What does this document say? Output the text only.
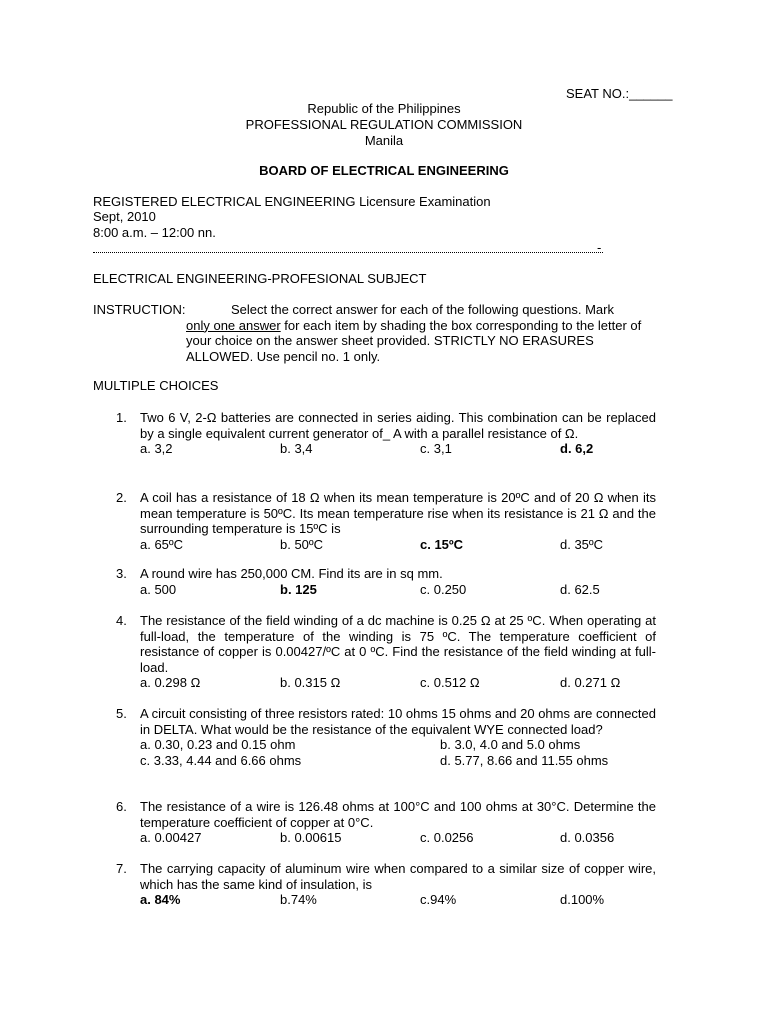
SEAT NO.:______
Republic of the Philippines
PROFESSIONAL REGULATION COMMISSION
Manila
BOARD OF ELECTRICAL ENGINEERING
REGISTERED ELECTRICAL ENGINEERING Licensure Examination
Sept, 2010
8:00 a.m. – 12:00 nn.
-
ELECTRICAL ENGINEERING-PROFESIONAL SUBJECT
INSTRUCTION:	Select the correct answer for each of the following questions. Mark
only one answer for each item by shading the box corresponding to the letter of your choice on the answer sheet provided. STRICTLY NO ERASURES ALLOWED. Use pencil no. 1 only.
MULTIPLE CHOICES
1. Two 6 V, 2-Ω batteries are connected in series aiding. This combination can be replaced by a single equivalent current generator of_ A with a parallel resistance of Ω.
a. 3,2	b. 3,4	c. 3,1	d. 6,2
2. A coil has a resistance of 18 Ω when its mean temperature is 20ºC and of 20 Ω when its mean temperature is 50ºC. Its mean temperature rise when its resistance is 21 Ω and the surrounding temperature is 15ºC is
a. 65ºC	b. 50ºC	c. 15ºC	d. 35ºC
3. A round wire has 250,000 CM. Find its are in sq mm.
a. 500	b. 125	c. 0.250	d. 62.5
4. The resistance of the field winding of a dc machine is 0.25 Ω at 25 ºC. When operating at full-load, the temperature of the winding is 75 ºC. The temperature coefficient of resistance of copper is 0.00427/ºC at 0 ºC. Find the resistance of the field winding at full-load.
a. 0.298 Ω	b. 0.315 Ω	c. 0.512 Ω	d. 0.271 Ω
5. A circuit consisting of three resistors rated: 10 ohms 15 ohms and 20 ohms are connected in DELTA. What would be the resistance of the equivalent WYE connected load?
a. 0.30, 0.23 and 0.15 ohm	b. 3.0, 4.0 and 5.0 ohms
c. 3.33, 4.44 and 6.66 ohms	d. 5.77, 8.66 and 11.55 ohms
6. The resistance of a wire is 126.48 ohms at 100°C and 100 ohms at 30°C. Determine the temperature coefficient of copper at 0°C.
a. 0.00427	b. 0.00615	c. 0.0256	d. 0.0356
7. The carrying capacity of aluminum wire when compared to a similar size of copper wire, which has the same kind of insulation, is
a. 84%	b.74%	c.94%	d.100%
